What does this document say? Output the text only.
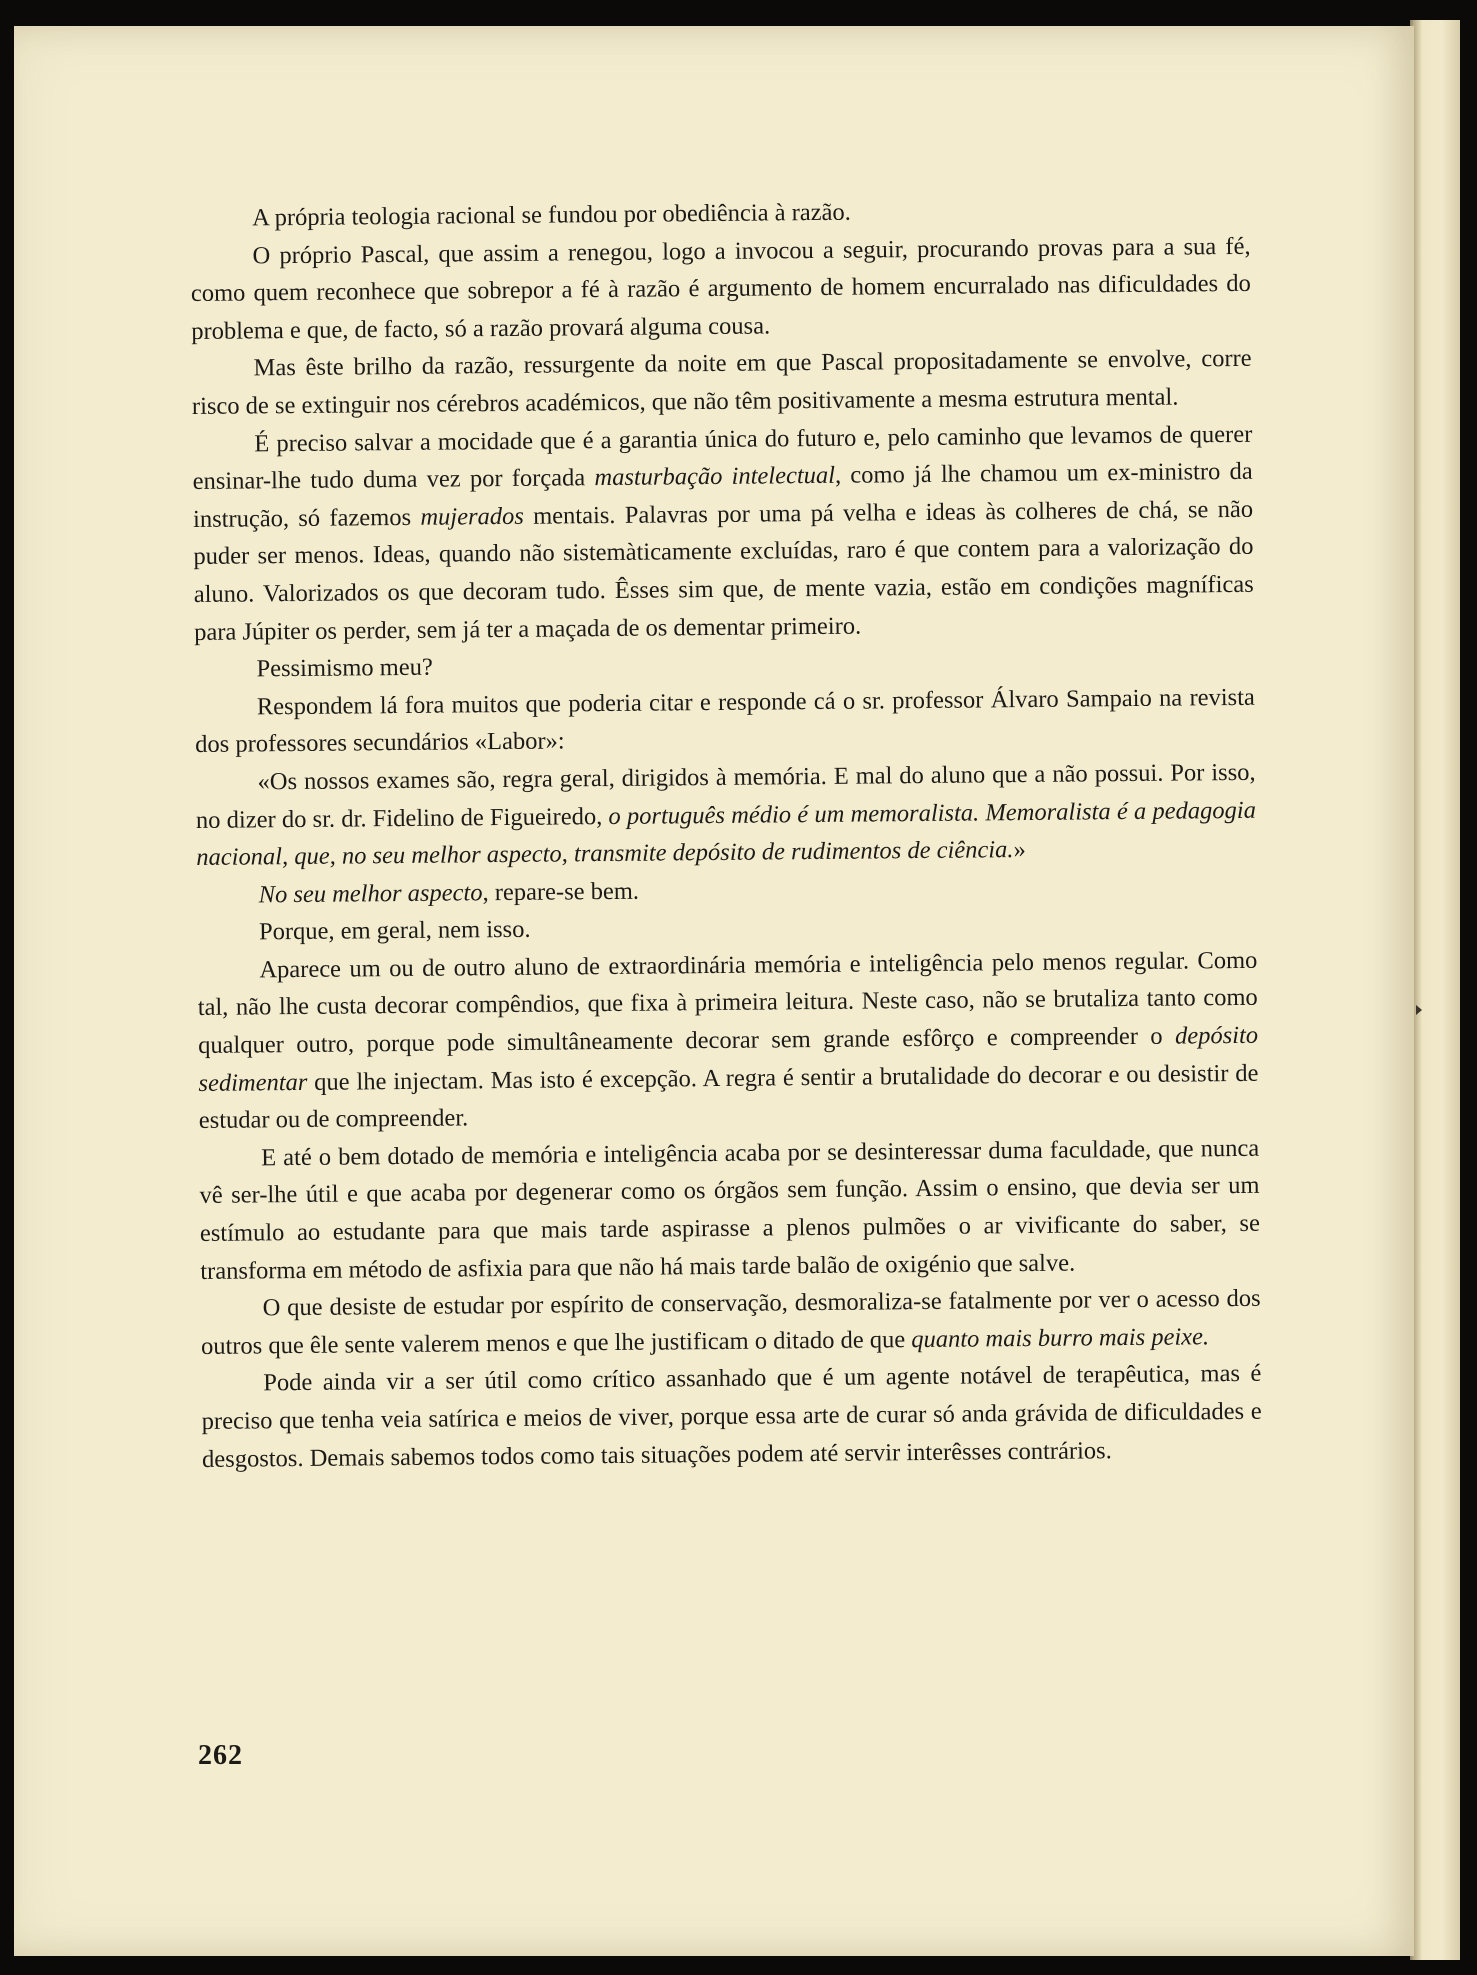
A própria teologia racional se fundou por obediência à razão.

O próprio Pascal, que assim a renegou, logo a invocou a seguir, procurando provas para a sua fé, como quem reconhece que sobrepor a fé à razão é argumento de homem encurralado nas dificuldades do problema e que, de facto, só a razão provará alguma cousa.

Mas êste brilho da razão, ressurgente da noite em que Pascal propositadamente se envolve, corre risco de se extinguir nos cérebros académicos, que não têm positivamente a mesma estrutura mental.

É preciso salvar a mocidade que é a garantia única do futuro e, pelo caminho que levamos de querer ensinar-lhe tudo duma vez por forçada masturbação intelectual, como já lhe chamou um ex-ministro da instrução, só fazemos mujerados mentais. Palavras por uma pá velha e ideas às colheres de chá, se não puder ser menos. Ideas, quando não sistemàticamente excluídas, raro é que contem para a valorização do aluno. Valorizados os que decoram tudo. Êsses sim que, de mente vazia, estão em condições magníficas para Júpiter os perder, sem já ter a maçada de os dementar primeiro.

Pessimismo meu?

Respondem lá fora muitos que poderia citar e responde cá o sr. professor Álvaro Sampaio na revista dos professores secundários «Labor»:

«Os nossos exames são, regra geral, dirigidos à memória. E mal do aluno que a não possui. Por isso, no dizer do sr. dr. Fidelino de Figueiredo, o português médio é um memoralista. Memoralista é a pedagogia nacional, que, no seu melhor aspecto, transmite depósito de rudimentos de ciência.»

No seu melhor aspecto, repare-se bem.

Porque, em geral, nem isso.

Aparece um ou de outro aluno de extraordinária memória e inteligência pelo menos regular. Como tal, não lhe custa decorar compêndios, que fixa à primeira leitura. Neste caso, não se brutaliza tanto como qualquer outro, porque pode simultâneamente decorar sem grande esfôrço e compreender o depósito sedimentar que lhe injectam. Mas isto é excepção. A regra é sentir a brutalidade do decorar e ou desistir de estudar ou de compreender.

E até o bem dotado de memória e inteligência acaba por se desinteressar duma faculdade, que nunca vê ser-lhe útil e que acaba por degenerar como os órgãos sem função. Assim o ensino, que devia ser um estímulo ao estudante para que mais tarde aspirasse a plenos pulmões o ar vivificante do saber, se transforma em método de asfixia para que não há mais tarde balão de oxigénio que salve.

O que desiste de estudar por espírito de conservação, desmoraliza-se fatalmente por ver o acesso dos outros que êle sente valerem menos e que lhe justificam o ditado de que quanto mais burro mais peixe.

Pode ainda vir a ser útil como crítico assanhado que é um agente notável de terapêutica, mas é preciso que tenha veia satírica e meios de viver, porque essa arte de curar só anda grávida de dificuldades e desgostos. Demais sabemos todos como tais situações podem até servir interêsses contrários.

262
